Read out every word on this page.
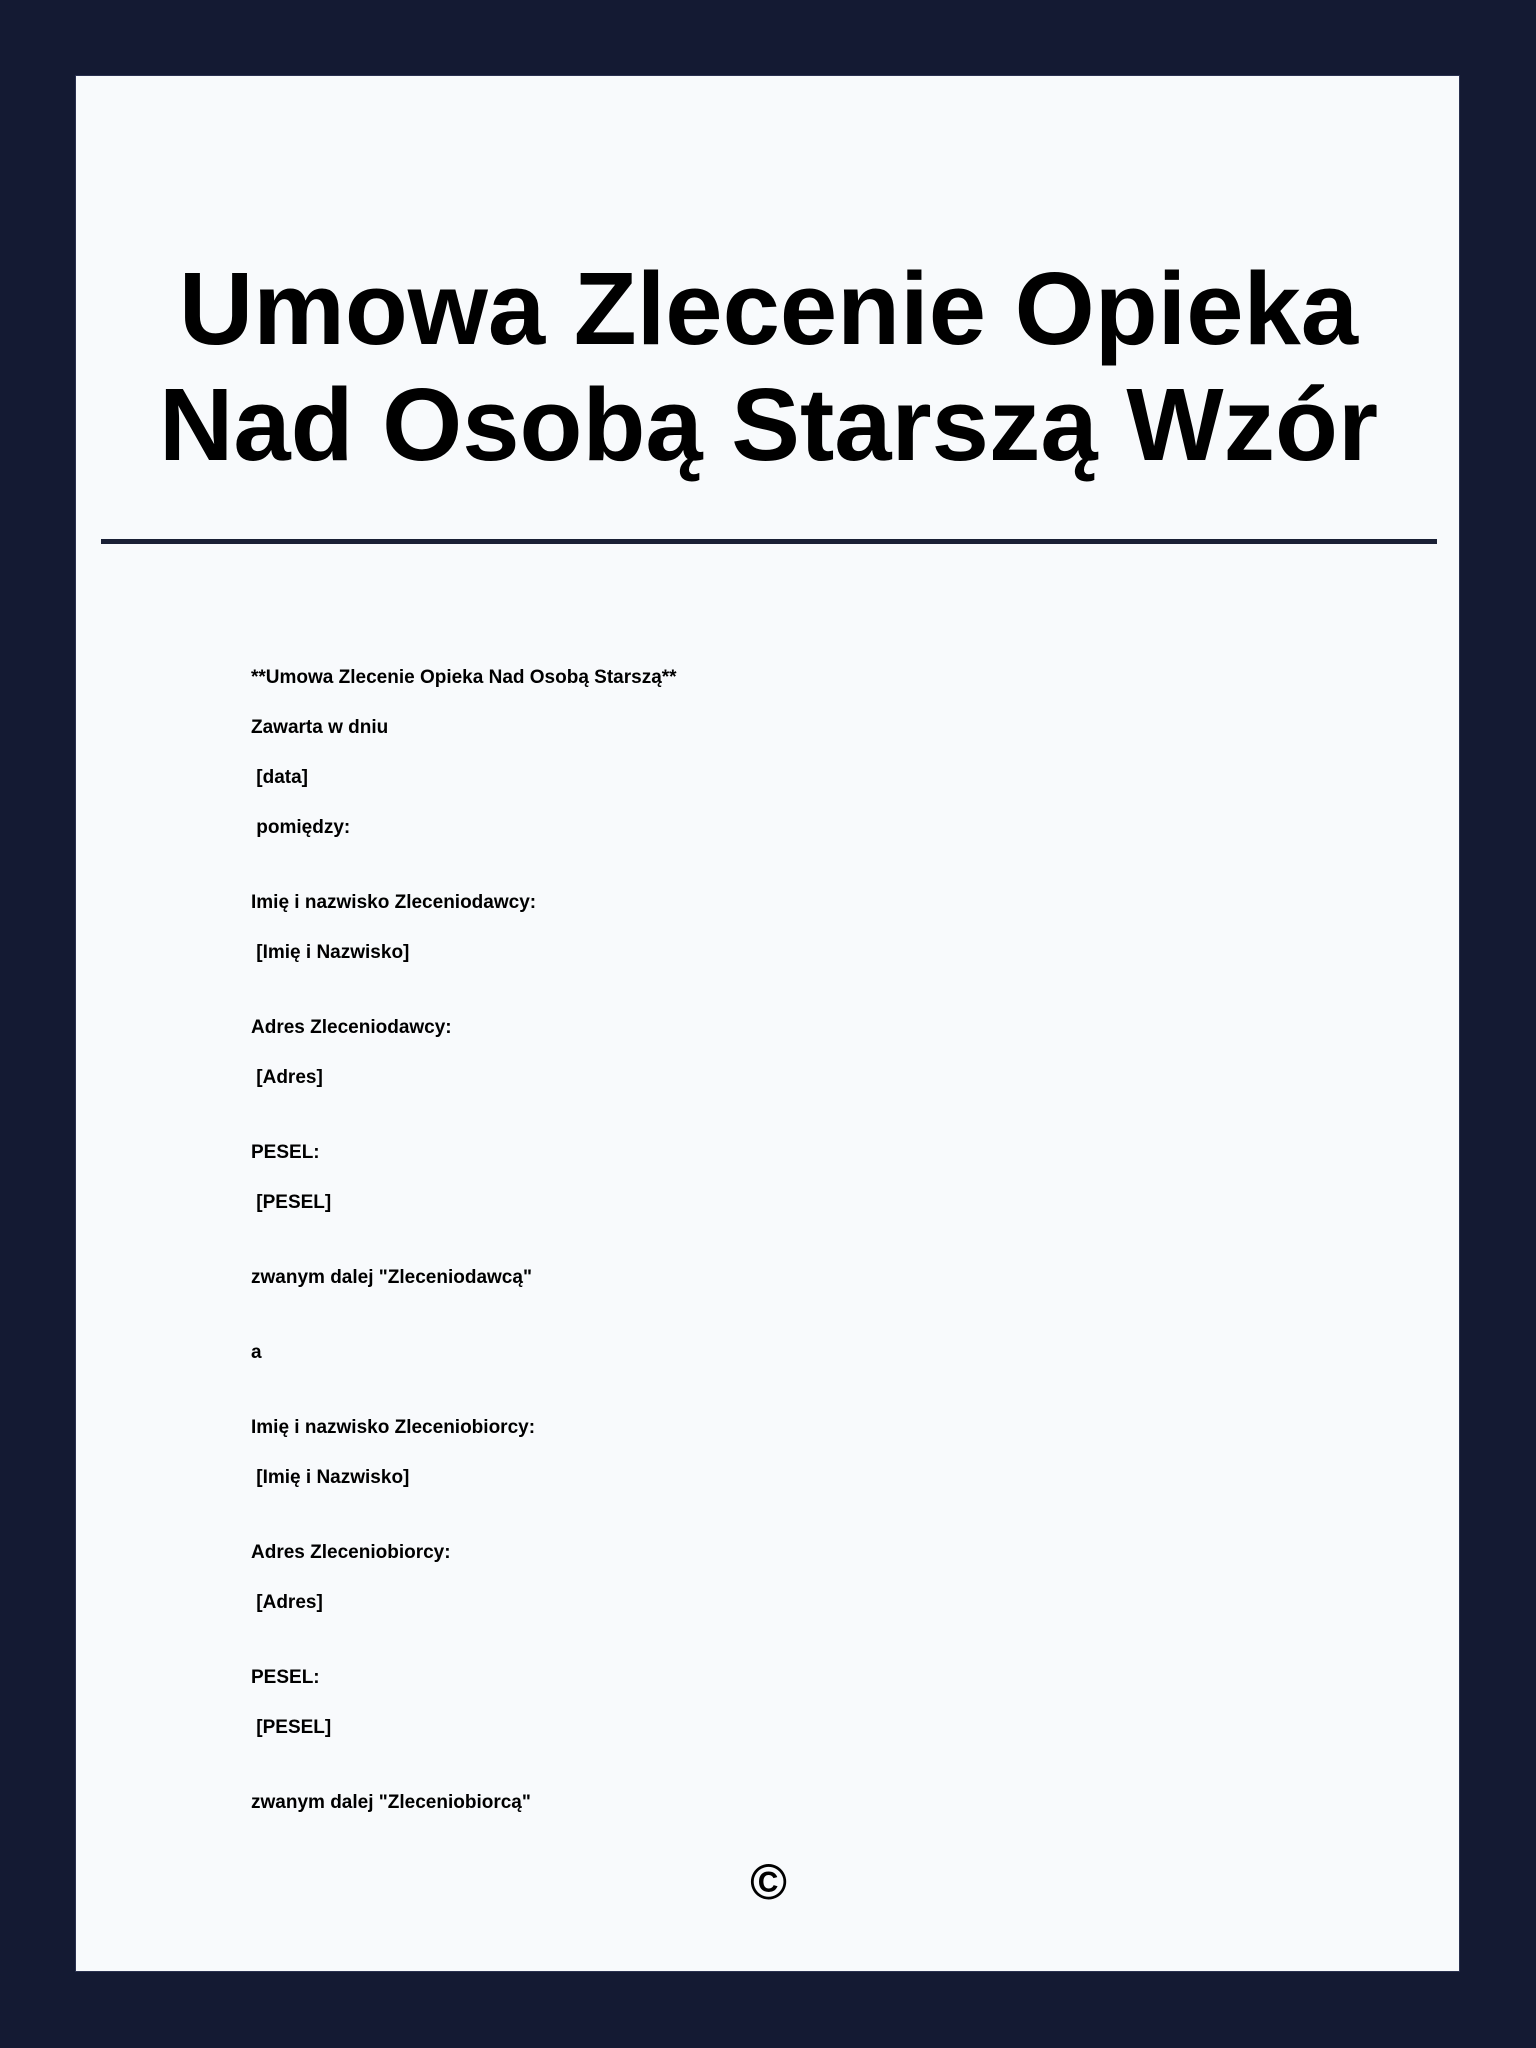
Umowa Zlecenie Opieka Nad Osobą Starszą Wzór
**Umowa Zlecenie Opieka Nad Osobą Starszą**
Zawarta w dniu
[data]
pomiędzy:
Imię i nazwisko Zleceniodawcy:
[Imię i Nazwisko]
Adres Zleceniodawcy:
[Adres]
PESEL:
[PESEL]
zwanym dalej "Zleceniodawcą"
a
Imię i nazwisko Zleceniobiorcy:
[Imię i Nazwisko]
Adres Zleceniobiorcy:
[Adres]
PESEL:
[PESEL]
zwanym dalej "Zleceniobiorcą"
©
